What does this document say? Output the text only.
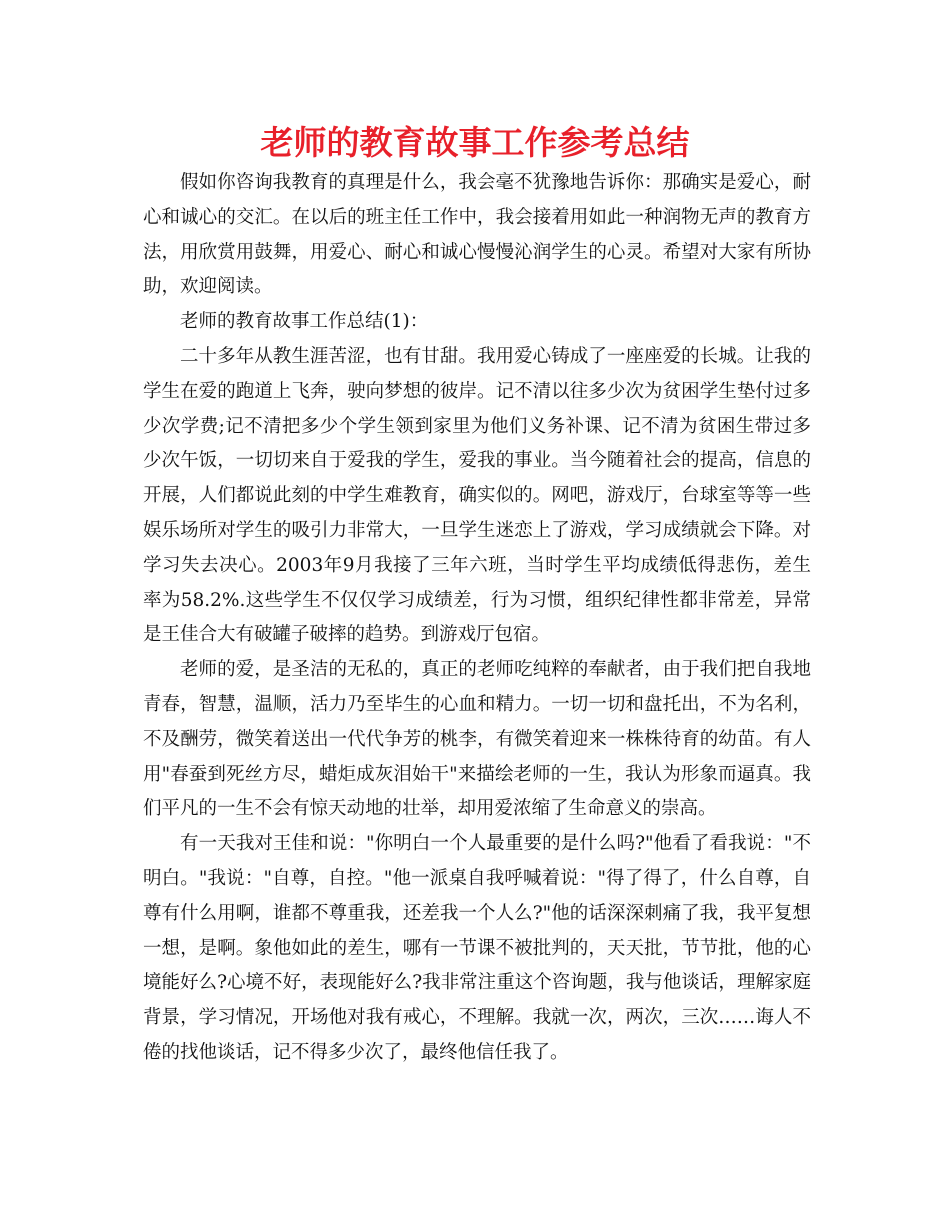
老师的教育故事工作参考总结

假如你咨询我教育的真理是什么，我会毫不犹豫地告诉你：那确实是爱心，耐心和诚心的交汇。在以后的班主任工作中，我会接着用如此一种润物无声的教育方法，用欣赏用鼓舞，用爱心、耐心和诚心慢慢沁润学生的心灵。希望对大家有所协助，欢迎阅读。

老师的教育故事工作总结(1)：

二十多年从教生涯苦涩，也有甘甜。我用爱心铸成了一座座爱的长城。让我的学生在爱的跑道上飞奔，驶向梦想的彼岸。记不清以往多少次为贫困学生垫付过多少次学费;记不清把多少个学生领到家里为他们义务补课、记不清为贫困生带过多少次午饭，一切切来自于爱我的学生，爱我的事业。当今随着社会的提高，信息的开展，人们都说此刻的中学生难教育，确实似的。网吧，游戏厅，台球室等等一些娱乐场所对学生的吸引力非常大，一旦学生迷恋上了游戏，学习成绩就会下降。对学习失去决心。2003年9月我接了三年六班，当时学生平均成绩低得悲伤，差生率为58.2%.这些学生不仅仅学习成绩差，行为习惯，组织纪律性都非常差，异常是王佳合大有破罐子破摔的趋势。到游戏厅包宿。

老师的爱，是圣洁的无私的，真正的老师吃纯粹的奉献者，由于我们把自我地青春，智慧，温顺，活力乃至毕生的心血和精力。一切一切和盘托出，不为名利，不及酬劳，微笑着送出一代代争芳的桃李，有微笑着迎来一株株待育的幼苗。有人用"春蚕到死丝方尽，蜡炬成灰泪始干"来描绘老师的一生，我认为形象而逼真。我们平凡的一生不会有惊天动地的壮举，却用爱浓缩了生命意义的崇高。

有一天我对王佳和说："你明白一个人最重要的是什么吗?"他看了看我说："不明白。"我说："自尊，自控。"他一派桌自我呼喊着说："得了得了，什么自尊，自尊有什么用啊，谁都不尊重我，还差我一个人么?"他的话深深刺痛了我，我平复想一想，是啊。象他如此的差生，哪有一节课不被批判的，天天批，节节批，他的心境能好么?心境不好，表现能好么?我非常注重这个咨询题，我与他谈话，理解家庭背景，学习情况，开场他对我有戒心，不理解。我就一次，两次，三次……诲人不倦的找他谈话，记不得多少次了，最终他信任我了。
